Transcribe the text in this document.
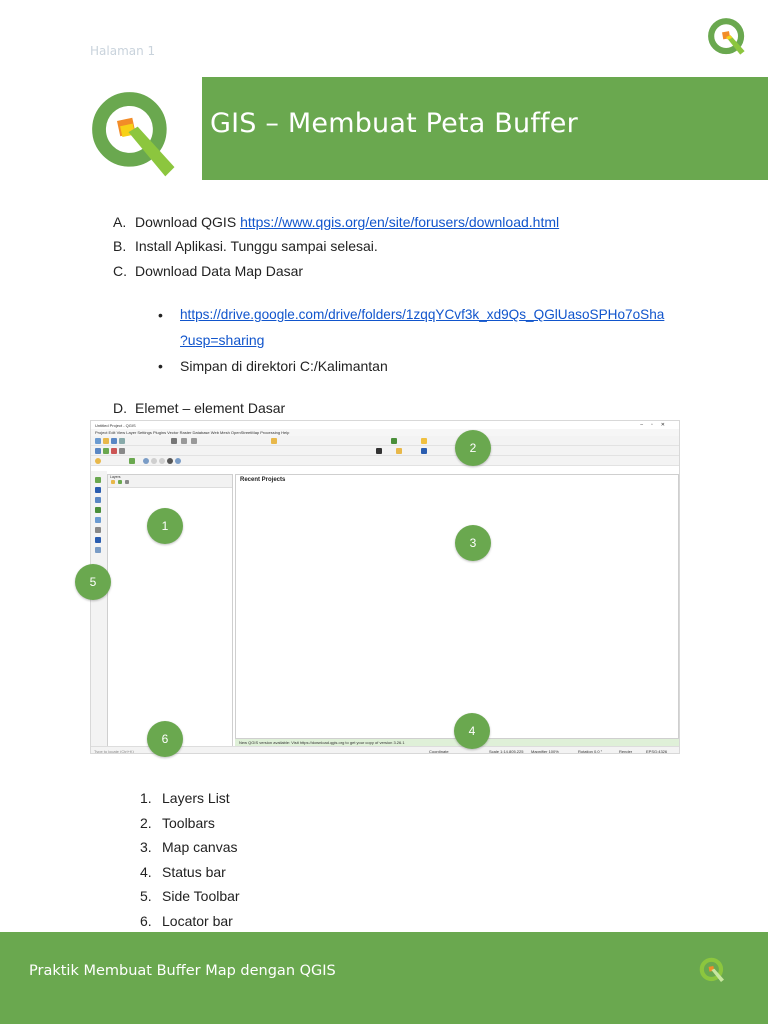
Halaman 1
GIS – Membuat Peta Buffer
A. Download QGIS https://www.qgis.org/en/site/forusers/download.html
B. Install Aplikasi. Tunggu sampai selesai.
C. Download Data Map Dasar
• https://drive.google.com/drive/folders/1zqqYCvf3k_xd9Qs_QGlUasoSPHo7oSha
?usp=sharing
• Simpan di direktori C:/Kalimantan
D. Elemet – element Dasar
Untitled Project - QGIS	–▫✕
Project Edit View Layer Settings Plugins Vector Raster Database Web Mesh OpenStreetMap Processing Help
Layers	Recent Projects
New QGIS version available: Visit https://download.qgis.org to get your copy of version 3.26.1
Type to locate (Ctrl+K)	Coordinate	Scale 1:14,805,225 Magnifier 100%	Rotation 0.0 °	Render	EPSG:4326
2
1
3
5
4
6
1. Layers List
2. Toolbars
3. Map canvas
4. Status bar
5. Side Toolbar
6. Locator bar
Praktik Membuat Buffer Map dengan QGIS
